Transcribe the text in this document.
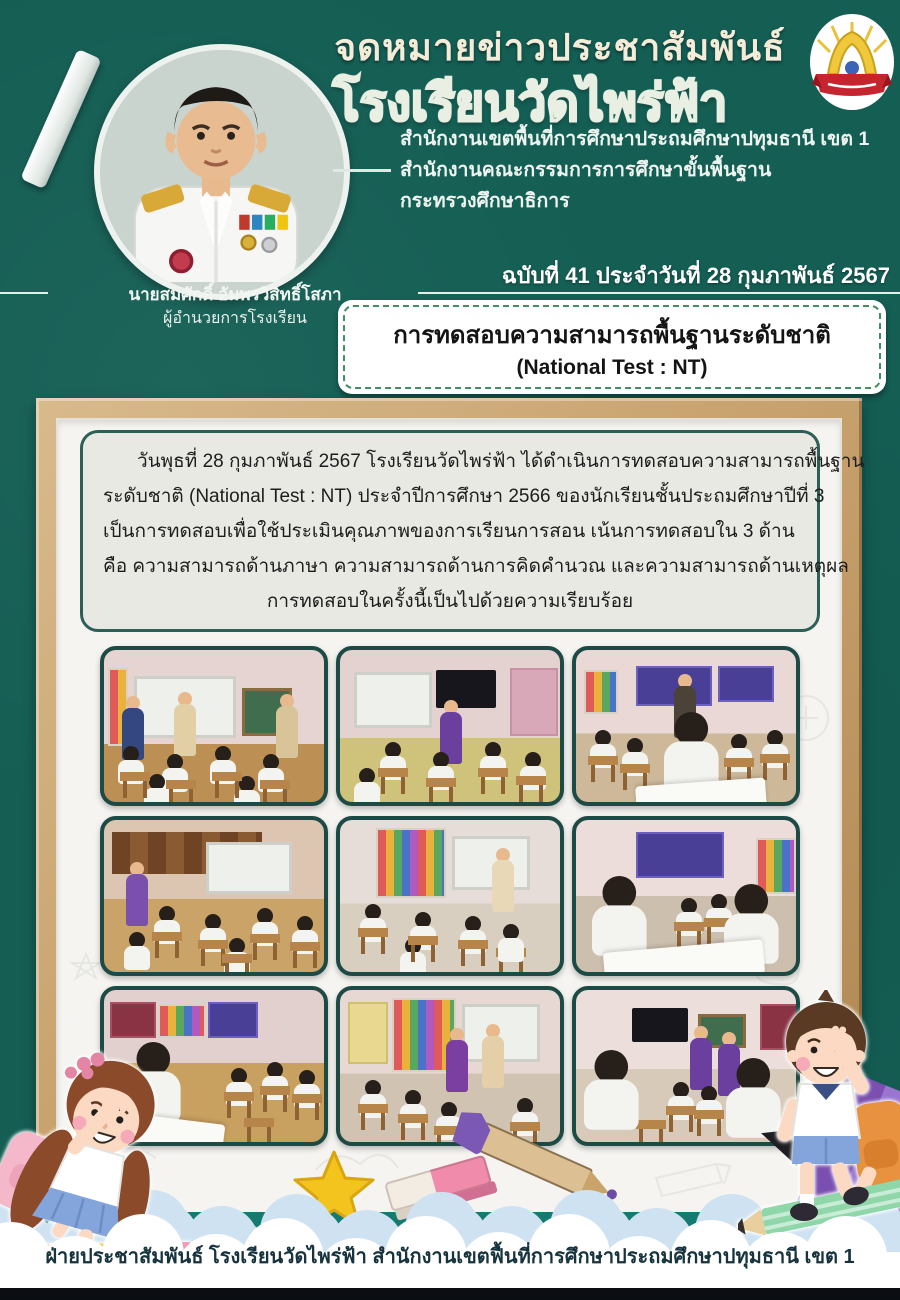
จดหมายข่าวประชาสัมพันธ์
โรงเรียนวัดไพร่ฟ้า
สำนักงานเขตพื้นที่การศึกษาประถมศึกษาปทุมธานี เขต 1
สำนักงานคณะกรรมการการศึกษาขั้นพื้นฐาน
กระทรวงศึกษาธิการ
นายสมศักดิ์ อัมพรวิสิทธิ์โสภา
ผู้อำนวยการโรงเรียน
ฉบับที่ 41 ประจำวันที่ 28 กุมภาพันธ์ 2567
การทดสอบความสามารถพื้นฐานระดับชาติ
(National Test : NT)
วันพุธที่ 28 กุมภาพันธ์ 2567 โรงเรียนวัดไพร่ฟ้า ได้ดำเนินการทดสอบความสามารถพื้นฐาน
ระดับชาติ (National Test : NT) ประจำปีการศึกษา 2566 ของนักเรียนชั้นประถมศึกษาปีที่ 3
เป็นการทดสอบเพื่อใช้ประเมินคุณภาพของการเรียนการสอน เน้นการทดสอบใน 3 ด้าน
คือ ความสามารถด้านภาษา ความสามารถด้านการคิดคำนวณ และความสามารถด้านเหตุผล
การทดสอบในครั้งนี้เป็นไปด้วยความเรียบร้อย
ฝ่ายประชาสัมพันธ์ โรงเรียนวัดไพร่ฟ้า สำนักงานเขตฟื้นที่การศึกษาประถมศึกษาปทุมธานี เขต 1
